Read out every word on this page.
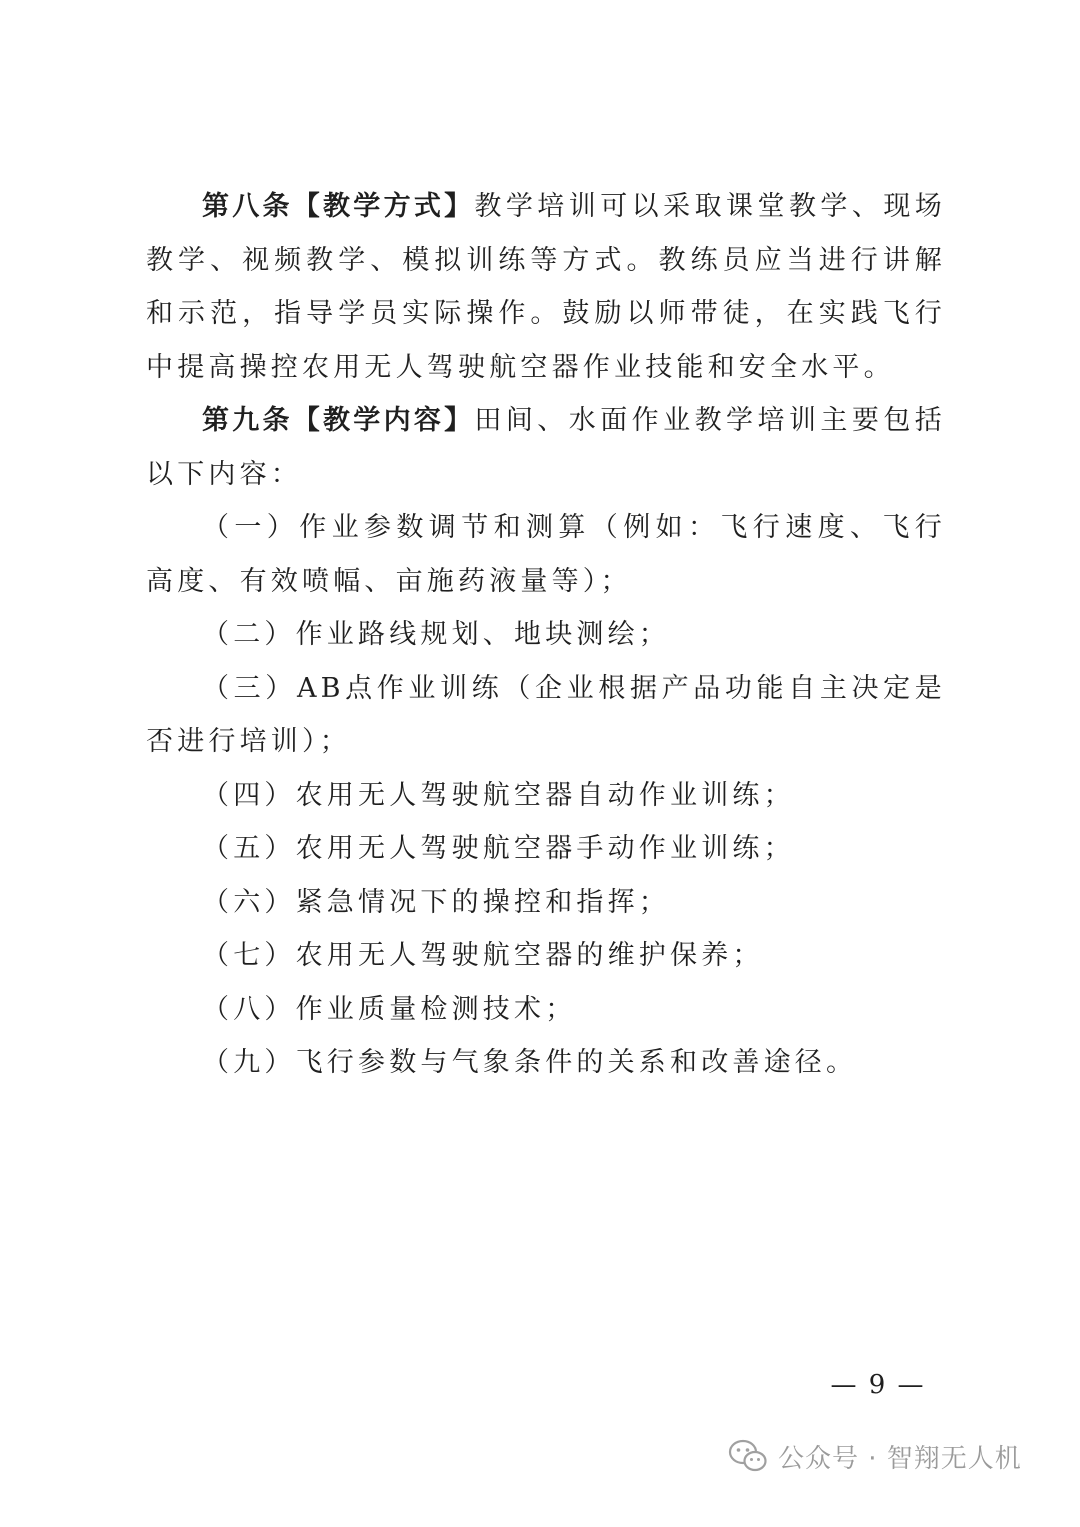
第八条【教学方式】教学培训可以采取课堂教学、现场教学、视频教学、模拟训练等方式。教练员应当进行讲解和示范，指导学员实际操作。鼓励以师带徒，在实践飞行中提高操控农用无人驾驶航空器作业技能和安全水平。

第九条【教学内容】田间、水面作业教学培训主要包括以下内容：

（一）作业参数调节和测算（例如：飞行速度、飞行高度、有效喷幅、亩施药液量等）；

（二）作业路线规划、地块测绘；

（三）AB点作业训练（企业根据产品功能自主决定是否进行培训）；

（四）农用无人驾驶航空器自动作业训练；

（五）农用无人驾驶航空器手动作业训练；

（六）紧急情况下的操控和指挥；

（七）农用无人驾驶航空器的维护保养；

（八）作业质量检测技术；

（九）飞行参数与气象条件的关系和改善途径。

— 9 —
公众号 · 智翔无人机
